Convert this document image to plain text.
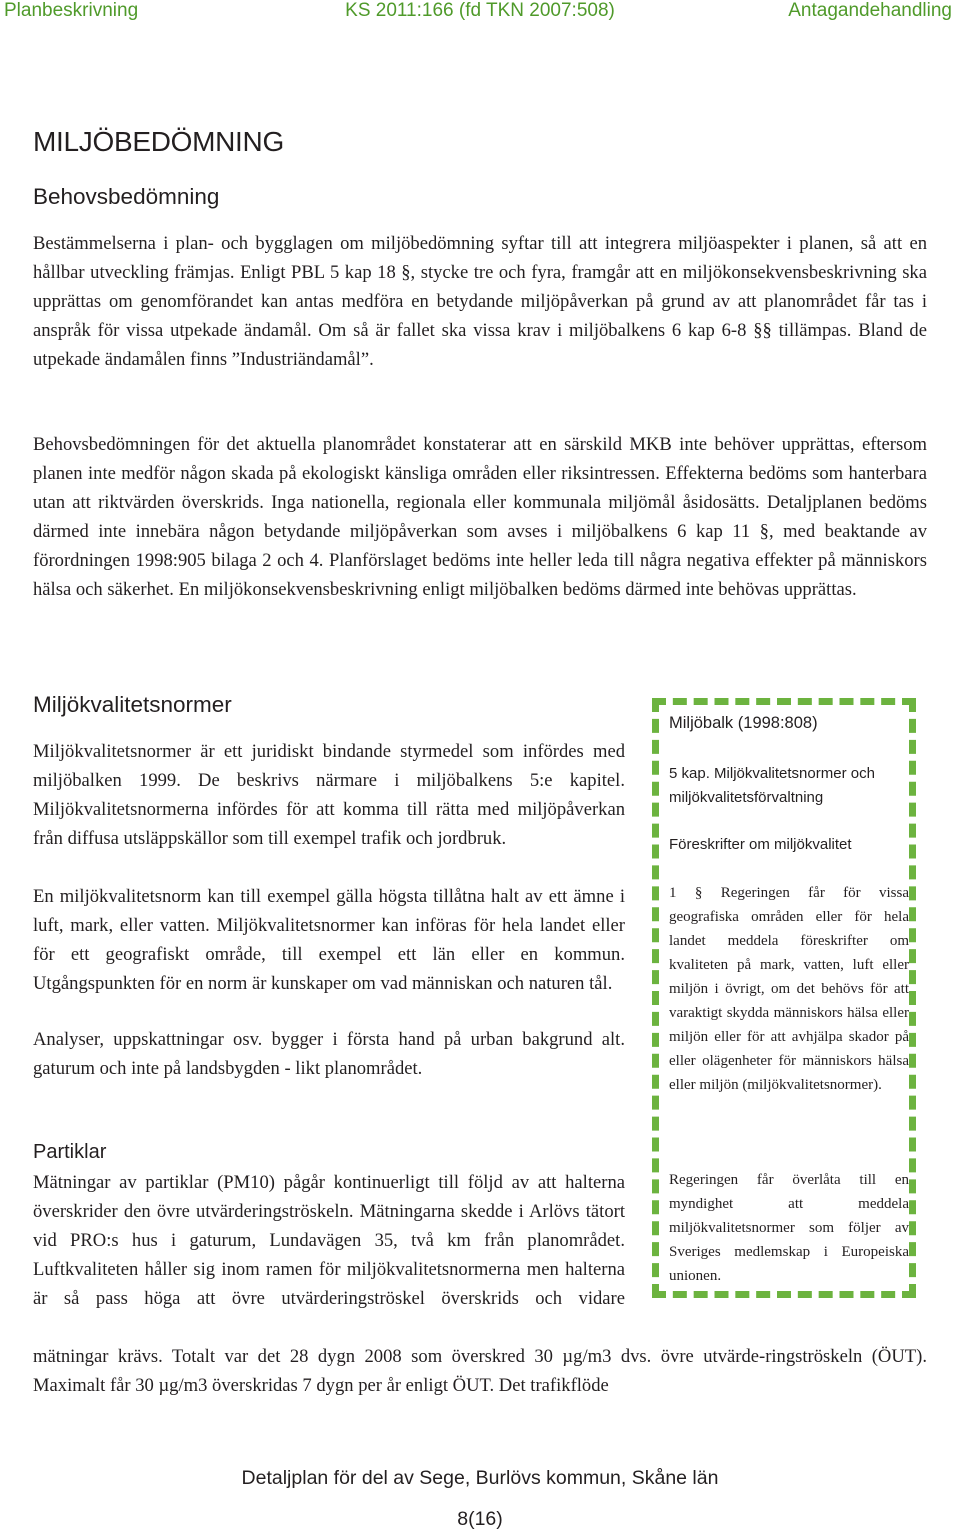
Planbeskrivning	KS 2011:166 (fd TKN 2007:508)	Antagandehandling
MILJÖBEDÖMNING
Behovsbedömning

Bestämmelserna i plan- och bygglagen om miljöbedömning syftar till att integrera miljöaspekter i planen, så att en hållbar utveckling främjas. Enligt PBL 5 kap 18 §, stycke tre och fyra, framgår att en miljökonsekvensbeskrivning ska upprättas om genomförandet kan antas medföra en betydande miljöpåverkan på grund av att planområdet får tas i anspråk för vissa utpekade ändamål. Om så är fallet ska vissa krav i miljöbalkens 6 kap 6-8 §§ tillämpas. Bland de utpekade ändamålen finns ”Industriändamål”.

Behovsbedömningen för det aktuella planområdet konstaterar att en särskild MKB inte behöver upprättas, eftersom planen inte medför någon skada på ekologiskt känsliga områden eller riksintressen. Effekterna bedöms som hanterbara utan att riktvärden överskrids. Inga nationella, regionala eller kommunala miljömål åsidosätts. Detaljplanen bedöms därmed inte innebära någon betydande miljöpåverkan som avses i miljöbalkens 6 kap 11 §, med beaktande av förordningen 1998:905 bilaga 2 och 4. Planförslaget bedöms inte heller leda till några negativa effekter på människors hälsa och säkerhet. En miljökonsekvensbeskrivning enligt miljöbalken bedöms därmed inte behövas upprättas.

Miljökvalitetsnormer

Miljökvalitetsnormer är ett juridiskt bindande styrmedel som infördes med miljöbalken 1999. De beskrivs närmare i miljöbalkens 5:e kapitel. Miljökvalitetsnormerna infördes för att komma till rätta med miljöpåverkan från diffusa utsläppskällor som till exempel trafik och jordbruk.

En miljökvalitetsnorm kan till exempel gälla högsta tillåtna halt av ett ämne i luft, mark, eller vatten. Miljökvalitetsnormer kan införas för hela landet eller för ett geografiskt område, till exempel ett län eller en kommun. Utgångspunkten för en norm är kunskaper om vad människan och naturen tål.

Analyser, uppskattningar osv. bygger i första hand på urban bakgrund alt. gaturum och inte på landsbygden - likt planområdet.

Partiklar

Mätningar av partiklar (PM10) pågår kontinuerligt till följd av att halterna överskrider den övre utvärderingströskeln. Mätningarna skedde i Arlövs tätort vid PRO:s hus i gaturum, Lundavägen 35, två km från planområdet. Luftkvaliteten håller sig inom ramen för miljökvalitetsnormerna men halterna är så pass höga att övre utvärderingströskel överskrids och vidare

mätningar krävs. Totalt var det 28 dygn 2008 som överskred 30 µg/m3 dvs. övre utvärde-ringströskeln (ÖUT). Maximalt får 30 µg/m3 överskridas 7 dygn per år enligt ÖUT. Det trafikflöde

Miljöbalk (1998:808)

5 kap. Miljökvalitetsnormer och miljökvalitetsförvaltning

Föreskrifter om miljökvalitet

1 § Regeringen får för vissa geografiska områden eller för hela landet meddela föreskrifter om kvaliteten på mark, vatten, luft eller miljön i övrigt, om det behövs för att varaktigt skydda människors hälsa eller miljön eller för att avhjälpa skador på eller olägenheter för människors hälsa eller miljön (miljökvalitetsnormer).

Regeringen får överlåta till en myndighet att meddela miljökvalitetsnormer som följer av Sveriges medlemskap i Europeiska unionen.

Detaljplan för del av Sege, Burlövs kommun, Skåne län
8(16)
